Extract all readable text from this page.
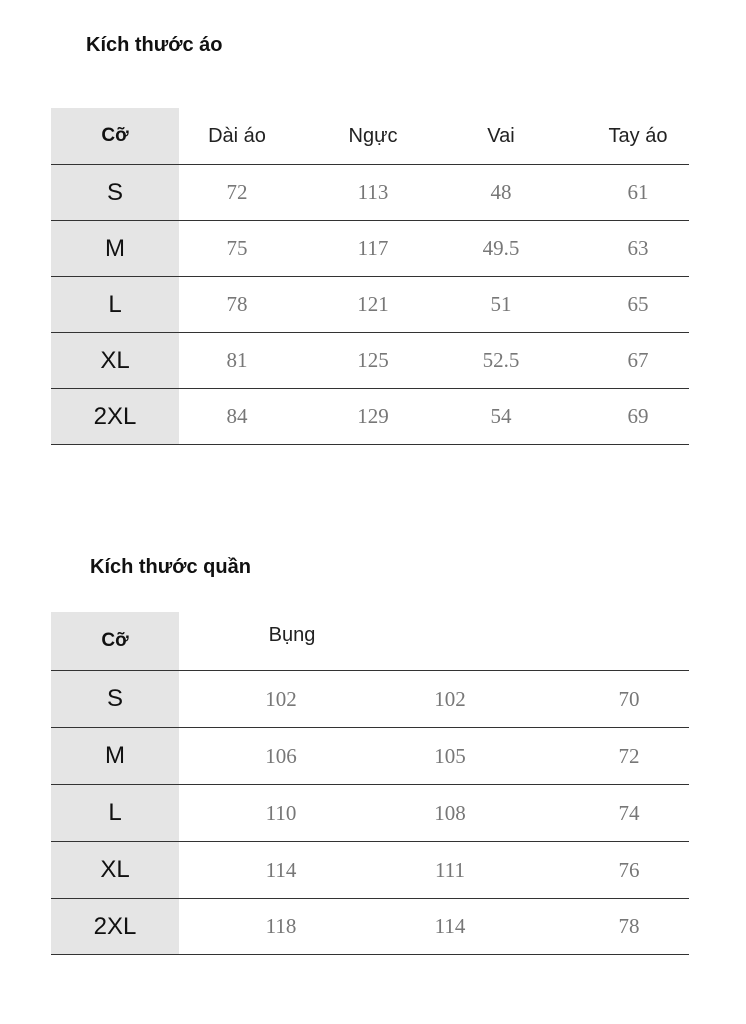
Kích thước áo
Cỡ	Dài áo	Ngực	Vai	Tay áo
S	72	113	48	61
M	75	117	49.5	63
L	78	121	51	65
XL	81	125	52.5	67
2XL	84	129	54	69
Kích thước quần
Cỡ	Bụng
S	102	102	70
M	106	105	72
L	110	108	74
XL	114	111	76
2XL	118	114	78
